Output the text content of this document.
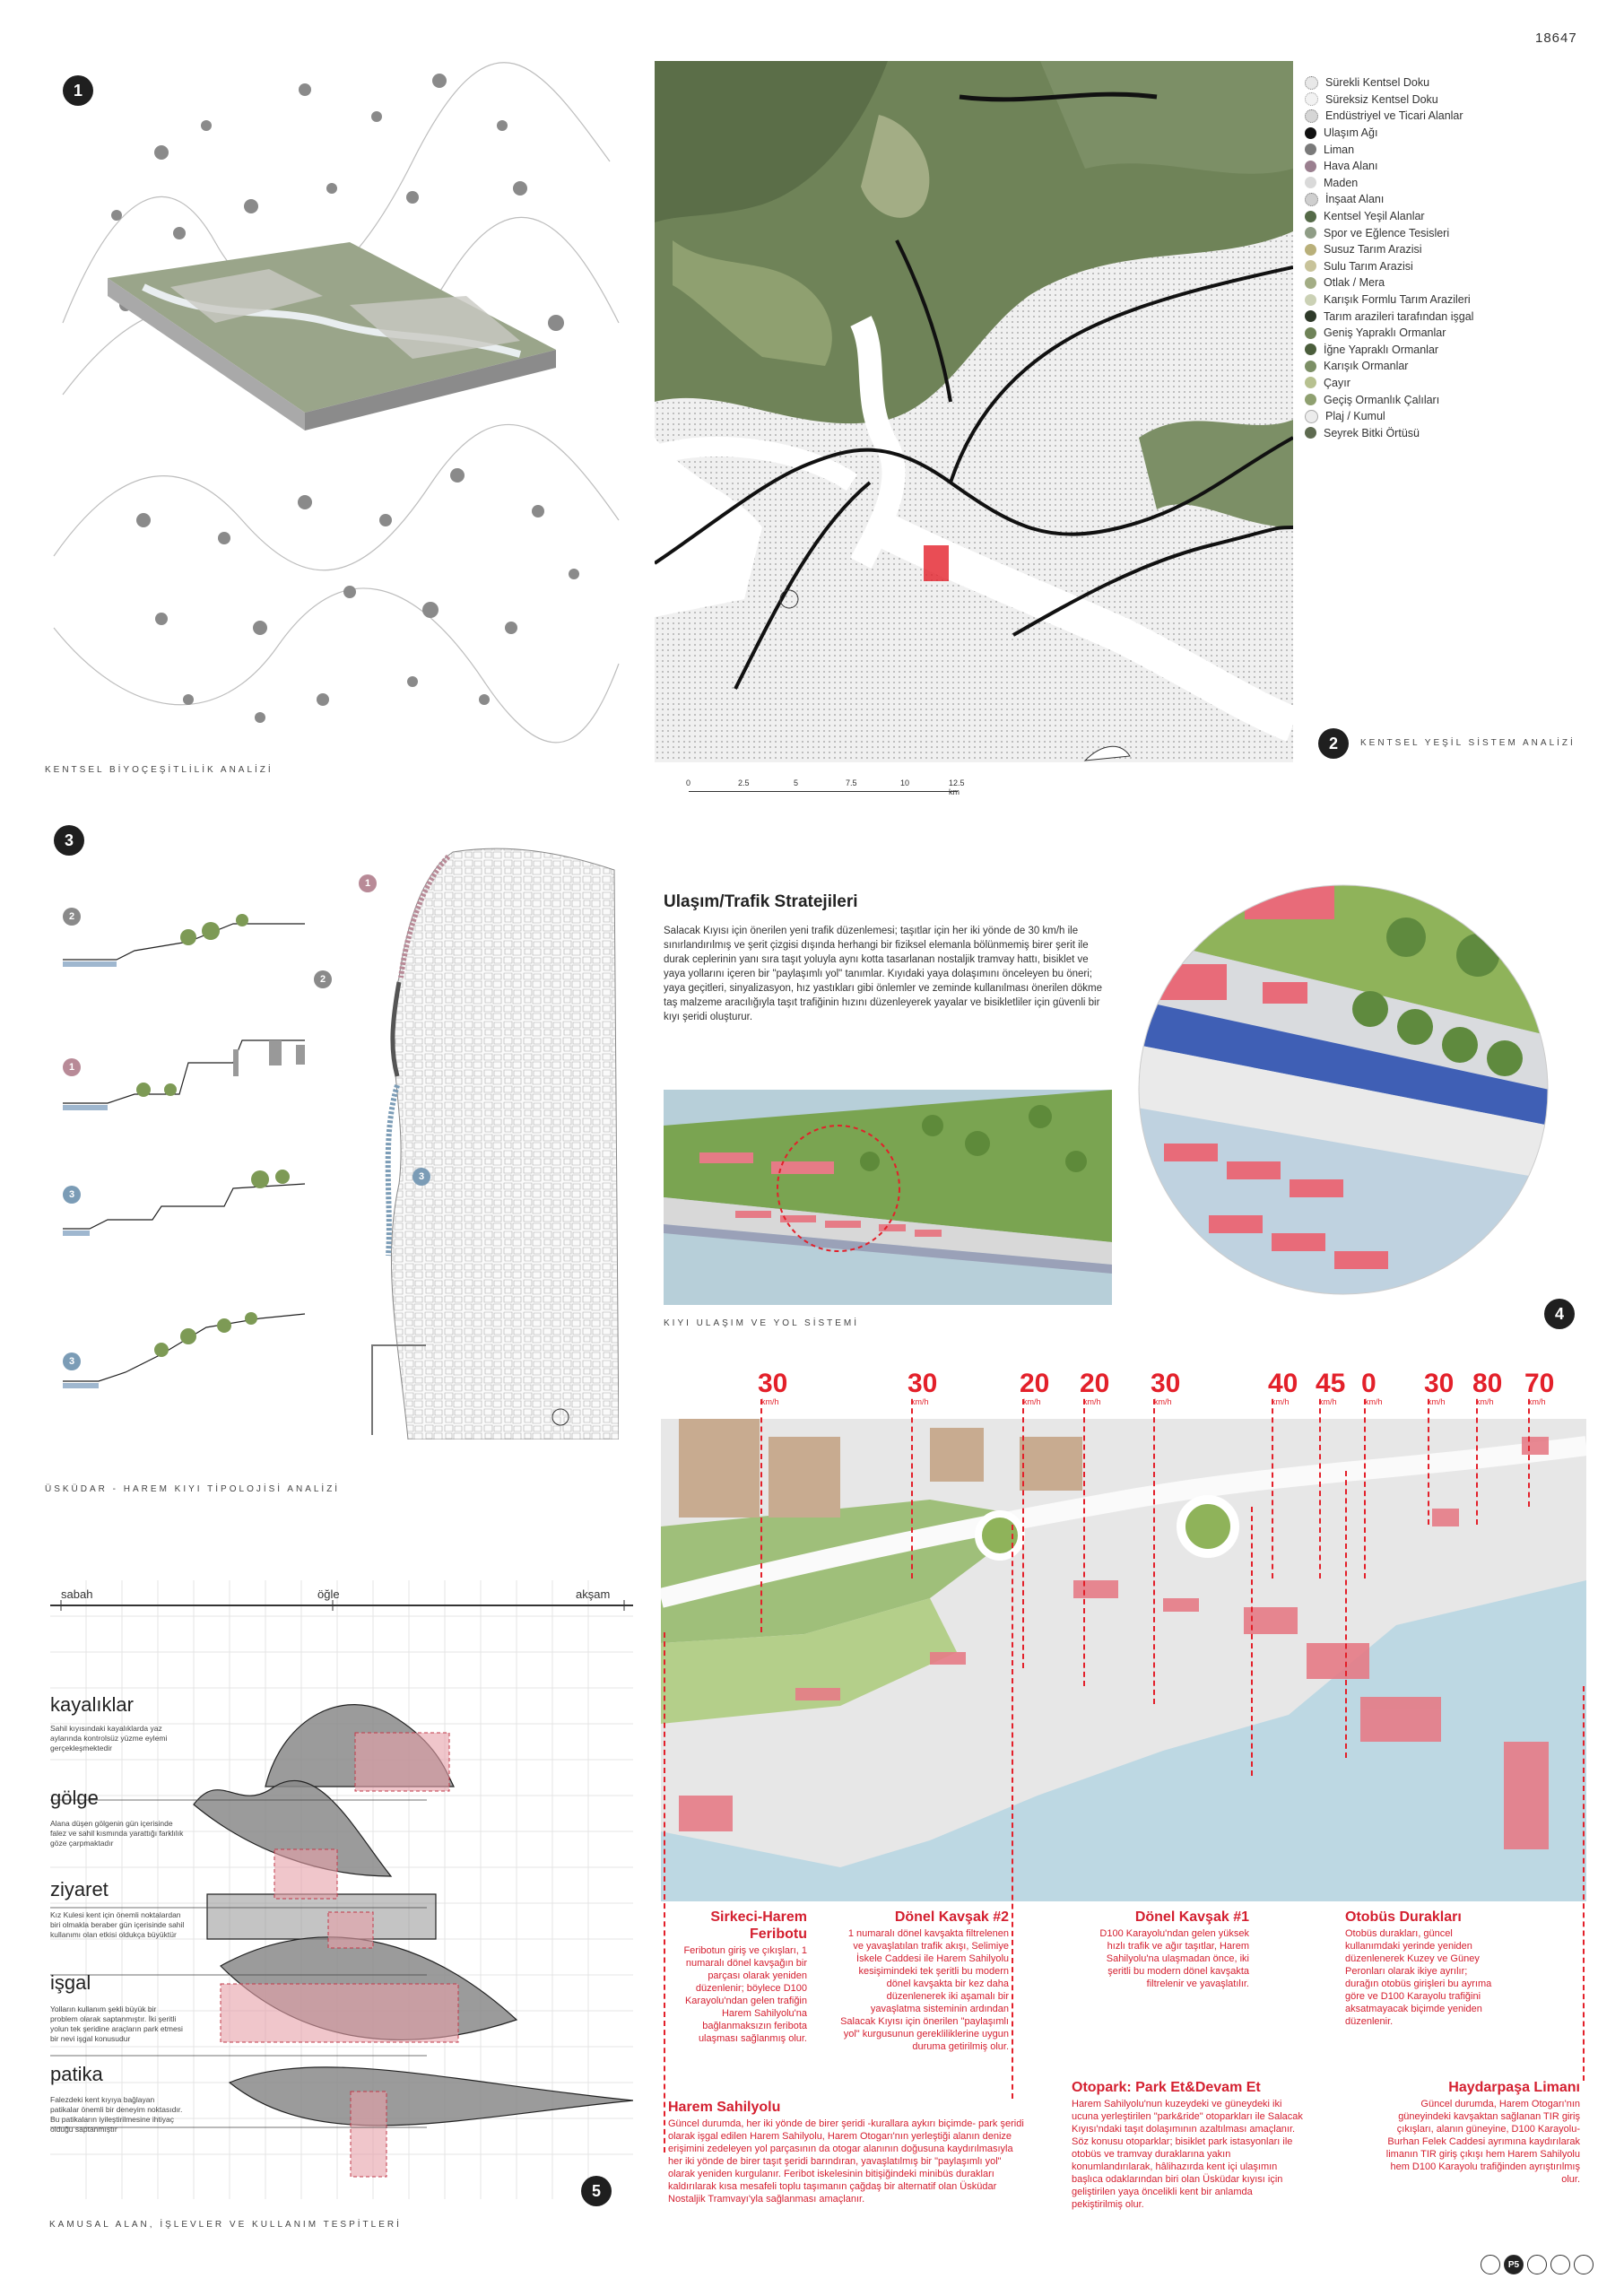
18647
1
KENTSEL BİYOÇEŞİTLİLİK ANALİZİ
Sürekli Kentsel Doku
Süreksiz Kentsel Doku
Endüstriyel ve Ticari Alanlar
Ulaşım Ağı
Liman
Hava Alanı
Maden
İnşaat Alanı
Kentsel Yeşil Alanlar
Spor ve Eğlence Tesisleri
Susuz Tarım Arazisi
Sulu Tarım Arazisi
Otlak / Mera
Karışık Formlu Tarım Arazileri
Tarım arazileri tarafından işgal
Geniş Yapraklı Ormanlar
İğne Yapraklı Ormanlar
Karışık Ormanlar
Çayır
Geçiş Ormanlık Çalıları
Plaj / Kumul
Seyrek Bitki Örtüsü
2	KENTSEL YEŞİL SİSTEM ANALİZİ
0	2.5	5	7.5	10	12.5 km
3
2
1
3
3
1
2
3
ÜSKÜDAR - HAREM KIYI TİPOLOJİSİ ANALİZİ
Ulaşım/Trafik Stratejileri
Salacak Kıyısı için önerilen yeni trafik düzenlemesi; taşıtlar için her iki yönde de 30 km/h ile sınırlandırılmış ve şerit çizgisi dışında herhangi bir fiziksel elemanla bölünmemiş birer şerit ile durak ceplerinin yanı sıra taşıt yoluyla aynı kotta tasarlanan nostaljik tramvay hattı, bisiklet ve yaya yollarını içeren bir "paylaşımlı yol" tanımlar. Kıyıdaki yaya dolaşımını önceleyen bu öneri; yaya geçitleri, sinyalizasyon, hız yastıkları gibi önlemler ve zeminde kullanılması önerilen dökme taş malzeme aracılığıyla taşıt trafiğinin hızını düzenleyerek yayalar ve bisikletliler için güvenli bir kıyı şeridi oluşturur.
KIYI ULAŞIM VE YOL SİSTEMİ
4
sabah	öğle	akşam
kayalıklar
Sahil kıyısındaki kayalıklarda yaz aylarında kontrolsüz yüzme eylemi gerçekleşmektedir
gölge
Alana düşen gölgenin gün içerisinde falez ve sahil kısmında yarattığı farklılık göze çarpmaktadır
ziyaret
Kız Kulesi kent için önemli noktalardan biri olmakla beraber gün içerisinde sahil kullanımı olan etkisi oldukça büyüktür
işgal
Yolların kullanım şekli büyük bir problem olarak saptanmıştır. İki şeritli yolun tek şeridine araçların park etmesi bir nevi işgal konusudur
patika
Falezdeki kent kıyıya bağlayan patikalar önemli bir deneyim noktasıdır. Bu patikaların iyileştirilmesine ihtiyaç olduğu saptanmıştır
5
KAMUSAL ALAN, İŞLEVLER VE KULLANIM TESPİTLERİ
30
km/h
30
km/h
20
km/h
20
km/h
30
km/h
40
km/h
45
km/h
0
km/h
30
km/h
80
km/h
70
km/h
Sirkeci-Harem Feribotu
Feribotun giriş ve çıkışları, 1 numaralı dönel kavşağın bir parçası olarak yeniden düzenlenir; böylece D100 Karayolu'ndan gelen trafiğin Harem Sahilyolu'na bağlanmaksızın feribota ulaşması sağlanmış olur.
Dönel Kavşak #2
1 numaralı dönel kavşakta filtrelenen ve yavaşlatılan trafik akışı, Selimiye İskele Caddesi ile Harem Sahilyolu kesişimindeki tek şeritli bu modern dönel kavşakta bir kez daha düzenlenerek iki aşamalı bir yavaşlatma sisteminin ardından Salacak Kıyısı için önerilen "paylaşımlı yol" kurgusunun gerekliliklerine uygun duruma getirilmiş olur.
Dönel Kavşak #1
D100 Karayolu'ndan gelen yüksek hızlı trafik ve ağır taşıtlar, Harem Sahilyolu'na ulaşmadan önce, iki şeritli bu modern dönel kavşakta filtrelenir ve yavaşlatılır.
Otobüs Durakları
Otobüs durakları, güncel kullanımdaki yerinde yeniden düzenlenerek Kuzey ve Güney Peronları olarak ikiye ayrılır; durağın otobüs girişleri bu ayrıma göre ve D100 Karayolu trafiğini aksatmayacak biçimde yeniden düzenlenir.
Harem Sahilyolu
Güncel durumda, her iki yönde de birer şeridi -kurallara aykırı biçimde- park şeridi olarak işgal edilen Harem Sahilyolu, Harem Otogarı'nın yerleştiği alanın denize erişimini zedeleyen yol parçasının da otogar alanının doğusuna kaydırılmasıyla her iki yönde de birer taşıt şeridi barındıran, yavaşlatılmış bir "paylaşımlı yol" olarak yeniden kurgulanır. Feribot iskelesinin bitişiğindeki minibüs durakları kaldırılarak kısa mesafeli toplu taşımanın çağdaş bir alternatif olan Üsküdar Nostaljik Tramvayı'yla sağlanması amaçlanır.
Otopark: Park Et&Devam Et
Harem Sahilyolu'nun kuzeydeki ve güneydeki iki ucuna yerleştirilen "park&ride" otoparkları ile Salacak Kıyısı'ndaki taşıt dolaşımının azaltılması amaçlanır. Söz konusu otoparklar; bisiklet park istasyonları ile otobüs ve tramvay duraklarına yakın konumlandırılarak, hâlihazırda kent içi ulaşımın başlıca odaklarından biri olan Üsküdar kıyısı için geliştirilen yaya öncelikli kent bir anlamda pekiştirilmiş olur.
Haydarpaşa Limanı
Güncel durumda, Harem Otogarı'nın güneyindeki kavşaktan sağlanan TIR giriş çıkışları, alanın güneyine, D100 Karayolu-Burhan Felek Caddesi ayrımına kaydırılarak limanın TIR giriş çıkışı hem Harem Sahilyolu hem D100 Karayolu trafiğinden ayrıştırılmış olur.
P5
